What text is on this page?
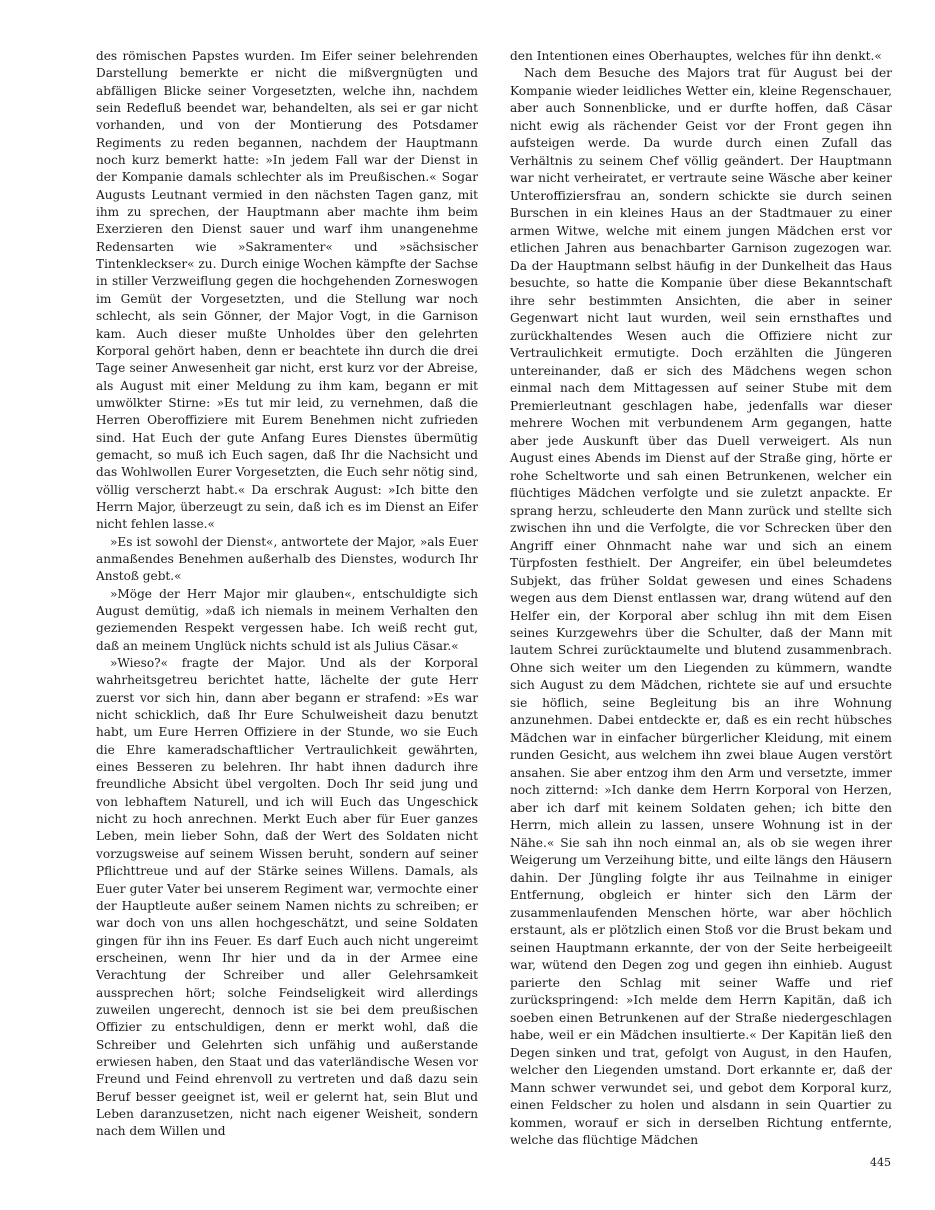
des römischen Papstes wurden. Im Eifer seiner belehrenden Darstellung bemerkte er nicht die mißvergnügten und abfälligen Blicke seiner Vorgesetzten, welche ihn, nachdem sein Redefluß beendet war, behandelten, als sei er gar nicht vorhanden, und von der Montierung des Potsdamer Regiments zu reden begannen, nachdem der Hauptmann noch kurz bemerkt hatte: »In jedem Fall war der Dienst in der Kompanie damals schlechter als im Preußischen.« Sogar Augusts Leutnant vermied in den nächsten Tagen ganz, mit ihm zu sprechen, der Hauptmann aber machte ihm beim Exerzieren den Dienst sauer und warf ihm unangenehme Redensarten wie »Sakramenter« und »sächsischer Tintenkleckser« zu. Durch einige Wochen kämpfte der Sachse in stiller Verzweiflung gegen die hochgehenden Zorneswogen im Gemüt der Vorgesetzten, und die Stellung war noch schlecht, als sein Gönner, der Major Vogt, in die Garnison kam. Auch dieser mußte Unholdes über den gelehrten Korporal gehört haben, denn er beachtete ihn durch die drei Tage seiner Anwesenheit gar nicht, erst kurz vor der Abreise, als August mit einer Meldung zu ihm kam, begann er mit umwölkter Stirne: »Es tut mir leid, zu vernehmen, daß die Herren Oberoffiziere mit Eurem Benehmen nicht zufrieden sind. Hat Euch der gute Anfang Eures Dienstes übermütig gemacht, so muß ich Euch sagen, daß Ihr die Nachsicht und das Wohlwollen Eurer Vorgesetzten, die Euch sehr nötig sind, völlig verscherzt habt.« Da erschrak August: »Ich bitte den Herrn Major, überzeugt zu sein, daß ich es im Dienst an Eifer nicht fehlen lasse.«

»Es ist sowohl der Dienst«, antwortete der Major, »als Euer anmaßendes Benehmen außerhalb des Dienstes, wodurch Ihr Anstoß gebt.«

»Möge der Herr Major mir glauben«, entschuldigte sich August demütig, »daß ich niemals in meinem Verhalten den geziemenden Respekt vergessen habe. Ich weiß recht gut, daß an meinem Unglück nichts schuld ist als Julius Cäsar.«

»Wieso?« fragte der Major. Und als der Korporal wahrheitsgetreu berichtet hatte, lächelte der gute Herr zuerst vor sich hin, dann aber begann er strafend: »Es war nicht schicklich, daß Ihr Eure Schulweisheit dazu benutzt habt, um Eure Herren Offiziere in der Stunde, wo sie Euch die Ehre kameradschaftlicher Vertraulichkeit gewährten, eines Besseren zu belehren. Ihr habt ihnen dadurch ihre freundliche Absicht übel vergolten. Doch Ihr seid jung und von lebhaftem Naturell, und ich will Euch das Ungeschick nicht zu hoch anrechnen. Merkt Euch aber für Euer ganzes Leben, mein lieber Sohn, daß der Wert des Soldaten nicht vorzugsweise auf seinem Wissen beruht, sondern auf seiner Pflichttreue und auf der Stärke seines Willens. Damals, als Euer guter Vater bei unserem Regiment war, vermochte einer der Hauptleute außer seinem Namen nichts zu schreiben; er war doch von uns allen hochgeschätzt, und seine Soldaten gingen für ihn ins Feuer. Es darf Euch auch nicht ungereimt erscheinen, wenn Ihr hier und da in der Armee eine Verachtung der Schreiber und aller Gelehrsamkeit aussprechen hört; solche Feindseligkeit wird allerdings zuweilen ungerecht, dennoch ist sie bei dem preußischen Offizier zu entschuldigen, denn er merkt wohl, daß die Schreiber und Gelehrten sich unfähig und außerstande erwiesen haben, den Staat und das vaterländische Wesen vor Freund und Feind ehrenvoll zu vertreten und daß dazu sein Beruf besser geeignet ist, weil er gelernt hat, sein Blut und Leben daranzusetzen, nicht nach eigener Weisheit, sondern nach dem Willen und

den Intentionen eines Oberhauptes, welches für ihn denkt.«

Nach dem Besuche des Majors trat für August bei der Kompanie wieder leidliches Wetter ein, kleine Regenschauer, aber auch Sonnenblicke, und er durfte hoffen, daß Cäsar nicht ewig als rächender Geist vor der Front gegen ihn aufsteigen werde. Da wurde durch einen Zufall das Verhältnis zu seinem Chef völlig geändert. Der Hauptmann war nicht verheiratet, er vertraute seine Wäsche aber keiner Unteroffiziersfrau an, sondern schickte sie durch seinen Burschen in ein kleines Haus an der Stadtmauer zu einer armen Witwe, welche mit einem jungen Mädchen erst vor etlichen Jahren aus benachbarter Garnison zugezogen war. Da der Hauptmann selbst häufig in der Dunkelheit das Haus besuchte, so hatte die Kompanie über diese Bekanntschaft ihre sehr bestimmten Ansichten, die aber in seiner Gegenwart nicht laut wurden, weil sein ernsthaftes und zurückhaltendes Wesen auch die Offiziere nicht zur Vertraulichkeit ermutigte. Doch erzählten die Jüngeren untereinander, daß er sich des Mädchens wegen schon einmal nach dem Mittagessen auf seiner Stube mit dem Premierleutnant geschlagen habe, jedenfalls war dieser mehrere Wochen mit verbundenem Arm gegangen, hatte aber jede Auskunft über das Duell verweigert. Als nun August eines Abends im Dienst auf der Straße ging, hörte er rohe Scheltworte und sah einen Betrunkenen, welcher ein flüchtiges Mädchen verfolgte und sie zuletzt anpackte. Er sprang herzu, schleuderte den Mann zurück und stellte sich zwischen ihn und die Verfolgte, die vor Schrecken über den Angriff einer Ohnmacht nahe war und sich an einem Türpfosten festhielt. Der Angreifer, ein übel beleumdetes Subjekt, das früher Soldat gewesen und eines Schadens wegen aus dem Dienst entlassen war, drang wütend auf den Helfer ein, der Korporal aber schlug ihn mit dem Eisen seines Kurzgewehrs über die Schulter, daß der Mann mit lautem Schrei zurücktaumelte und blutend zusammenbrach. Ohne sich weiter um den Liegenden zu kümmern, wandte sich August zu dem Mädchen, richtete sie auf und ersuchte sie höflich, seine Begleitung bis an ihre Wohnung anzunehmen. Dabei entdeckte er, daß es ein recht hübsches Mädchen war in einfacher bürgerlicher Kleidung, mit einem runden Gesicht, aus welchem ihn zwei blaue Augen verstört ansahen. Sie aber entzog ihm den Arm und versetzte, immer noch zitternd: »Ich danke dem Herrn Korporal von Herzen, aber ich darf mit keinem Soldaten gehen; ich bitte den Herrn, mich allein zu lassen, unsere Wohnung ist in der Nähe.« Sie sah ihn noch einmal an, als ob sie wegen ihrer Weigerung um Verzeihung bitte, und eilte längs den Häusern dahin. Der Jüngling folgte ihr aus Teilnahme in einiger Entfernung, obgleich er hinter sich den Lärm der zusammenlaufenden Menschen hörte, war aber höchlich erstaunt, als er plötzlich einen Stoß vor die Brust bekam und seinen Hauptmann erkannte, der von der Seite herbeigeeilt war, wütend den Degen zog und gegen ihn einhieb. August parierte den Schlag mit seiner Waffe und rief zurückspringend: »Ich melde dem Herrn Kapitän, daß ich soeben einen Betrunkenen auf der Straße niedergeschlagen habe, weil er ein Mädchen insultierte.« Der Kapitän ließ den Degen sinken und trat, gefolgt von August, in den Haufen, welcher den Liegenden umstand. Dort erkannte er, daß der Mann schwer verwundet sei, und gebot dem Korporal kurz, einen Feldscher zu holen und alsdann in sein Quartier zu kommen, worauf er sich in derselben Richtung entfernte, welche das flüchtige Mädchen

445
